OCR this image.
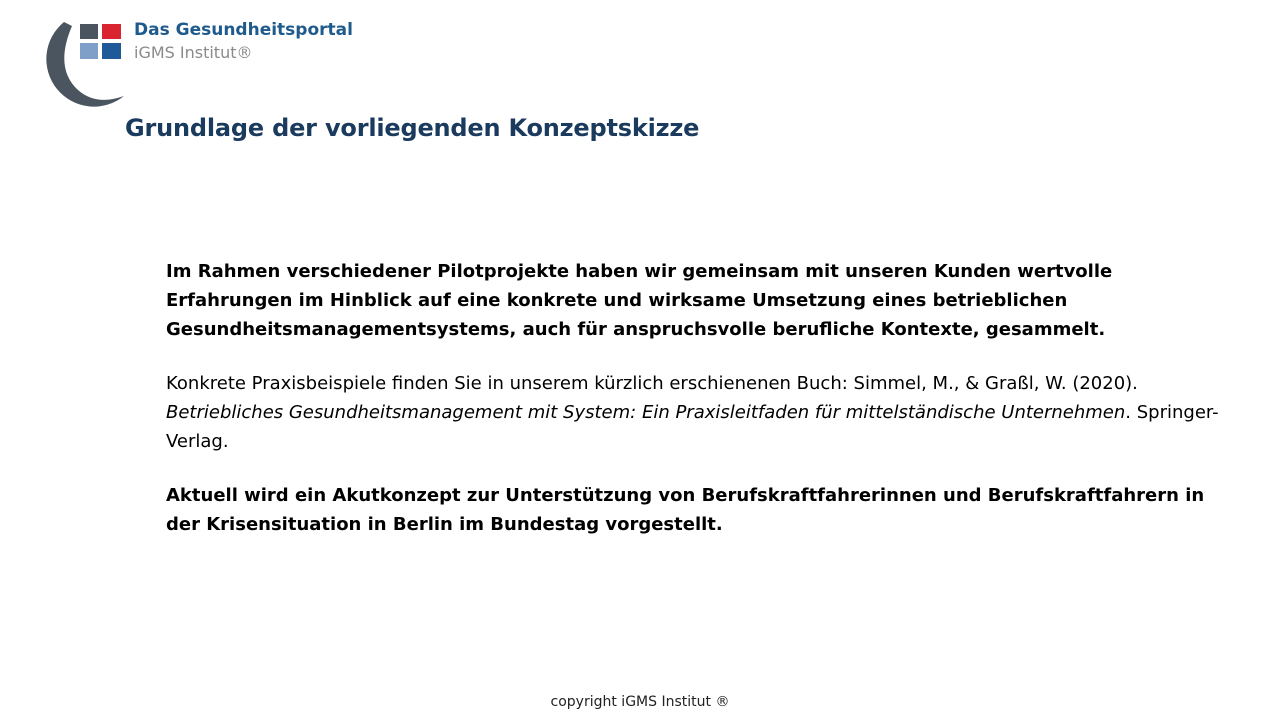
Das Gesundheitsportal
iGMS Institut®
Grundlage der vorliegenden Konzeptskizze

Im Rahmen verschiedener Pilotprojekte haben wir gemeinsam mit unseren Kunden wertvolle Erfahrungen im Hinblick auf eine konkrete und wirksame Umsetzung eines betrieblichen Gesundheitsmanagementsystems, auch für anspruchsvolle berufliche Kontexte, gesammelt.

Konkrete Praxisbeispiele finden Sie in unserem kürzlich erschienenen Buch: Simmel, M., & Graßl, W. (2020). Betriebliches Gesundheitsmanagement mit System: Ein Praxisleitfaden für mittelständische Unternehmen. Springer-Verlag.

Aktuell wird ein Akutkonzept zur Unterstützung von Berufskraftfahrerinnen und Berufskraftfahrern in der Krisensituation in Berlin im Bundestag vorgestellt.

copyright iGMS Institut ®
